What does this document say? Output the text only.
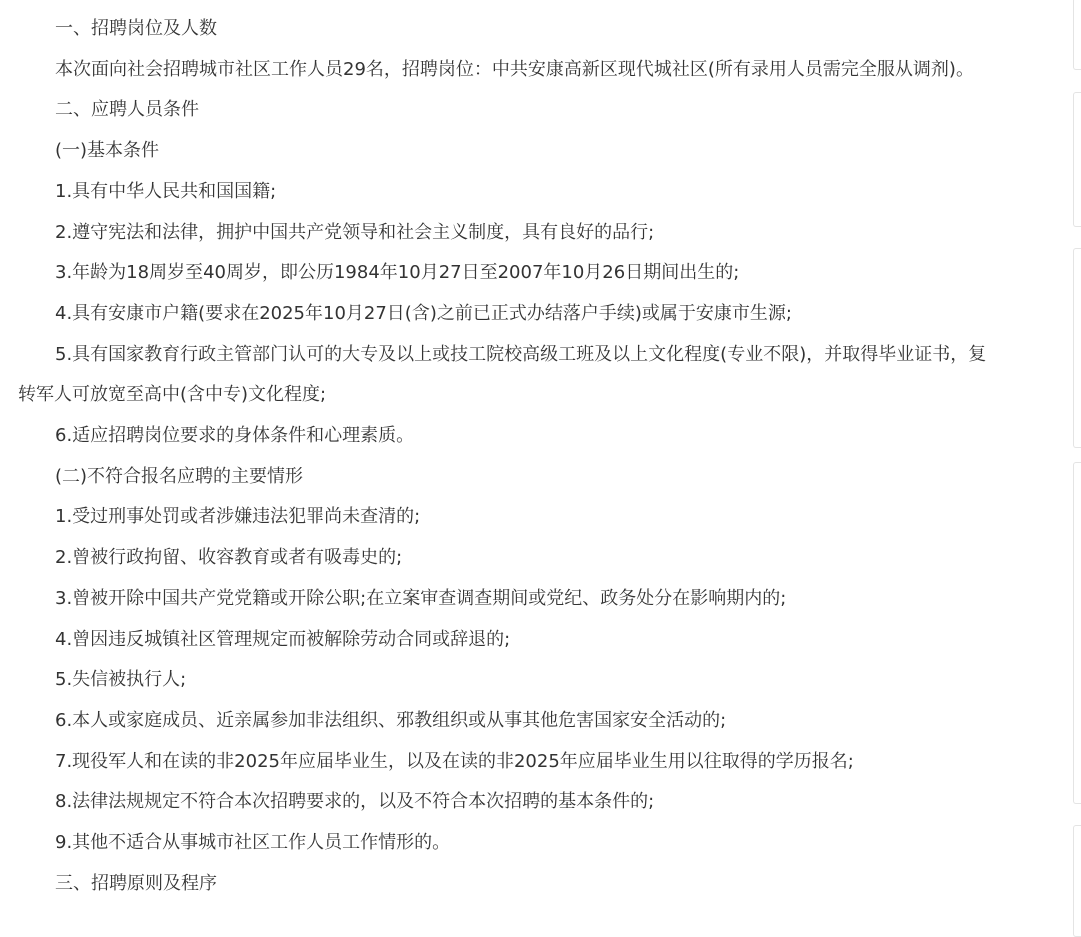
一、招聘岗位及人数

本次面向社会招聘城市社区工作人员29名，招聘岗位：中共安康高新区现代城社区(所有录用人员需完全服从调剂)。

二、应聘人员条件

(一)基本条件

1.具有中华人民共和国国籍;

2.遵守宪法和法律，拥护中国共产党领导和社会主义制度，具有良好的品行;

3.年龄为18周岁至40周岁，即公历1984年10月27日至2007年10月26日期间出生的;

4.具有安康市户籍(要求在2025年10月27日(含)之前已正式办结落户手续)或属于安康市生源;

5.具有国家教育行政主管部门认可的大专及以上或技工院校高级工班及以上文化程度(专业不限)，并取得毕业证书，复转军人可放宽至高中(含中专)文化程度;

6.适应招聘岗位要求的身体条件和心理素质。

(二)不符合报名应聘的主要情形

1.受过刑事处罚或者涉嫌违法犯罪尚未查清的;

2.曾被行政拘留、收容教育或者有吸毒史的;

3.曾被开除中国共产党党籍或开除公职;在立案审查调查期间或党纪、政务处分在影响期内的;

4.曾因违反城镇社区管理规定而被解除劳动合同或辞退的;

5.失信被执行人;

6.本人或家庭成员、近亲属参加非法组织、邪教组织或从事其他危害国家安全活动的;

7.现役军人和在读的非2025年应届毕业生，以及在读的非2025年应届毕业生用以往取得的学历报名;

8.法律法规规定不符合本次招聘要求的，以及不符合本次招聘的基本条件的;

9.其他不适合从事城市社区工作人员工作情形的。

三、招聘原则及程序
